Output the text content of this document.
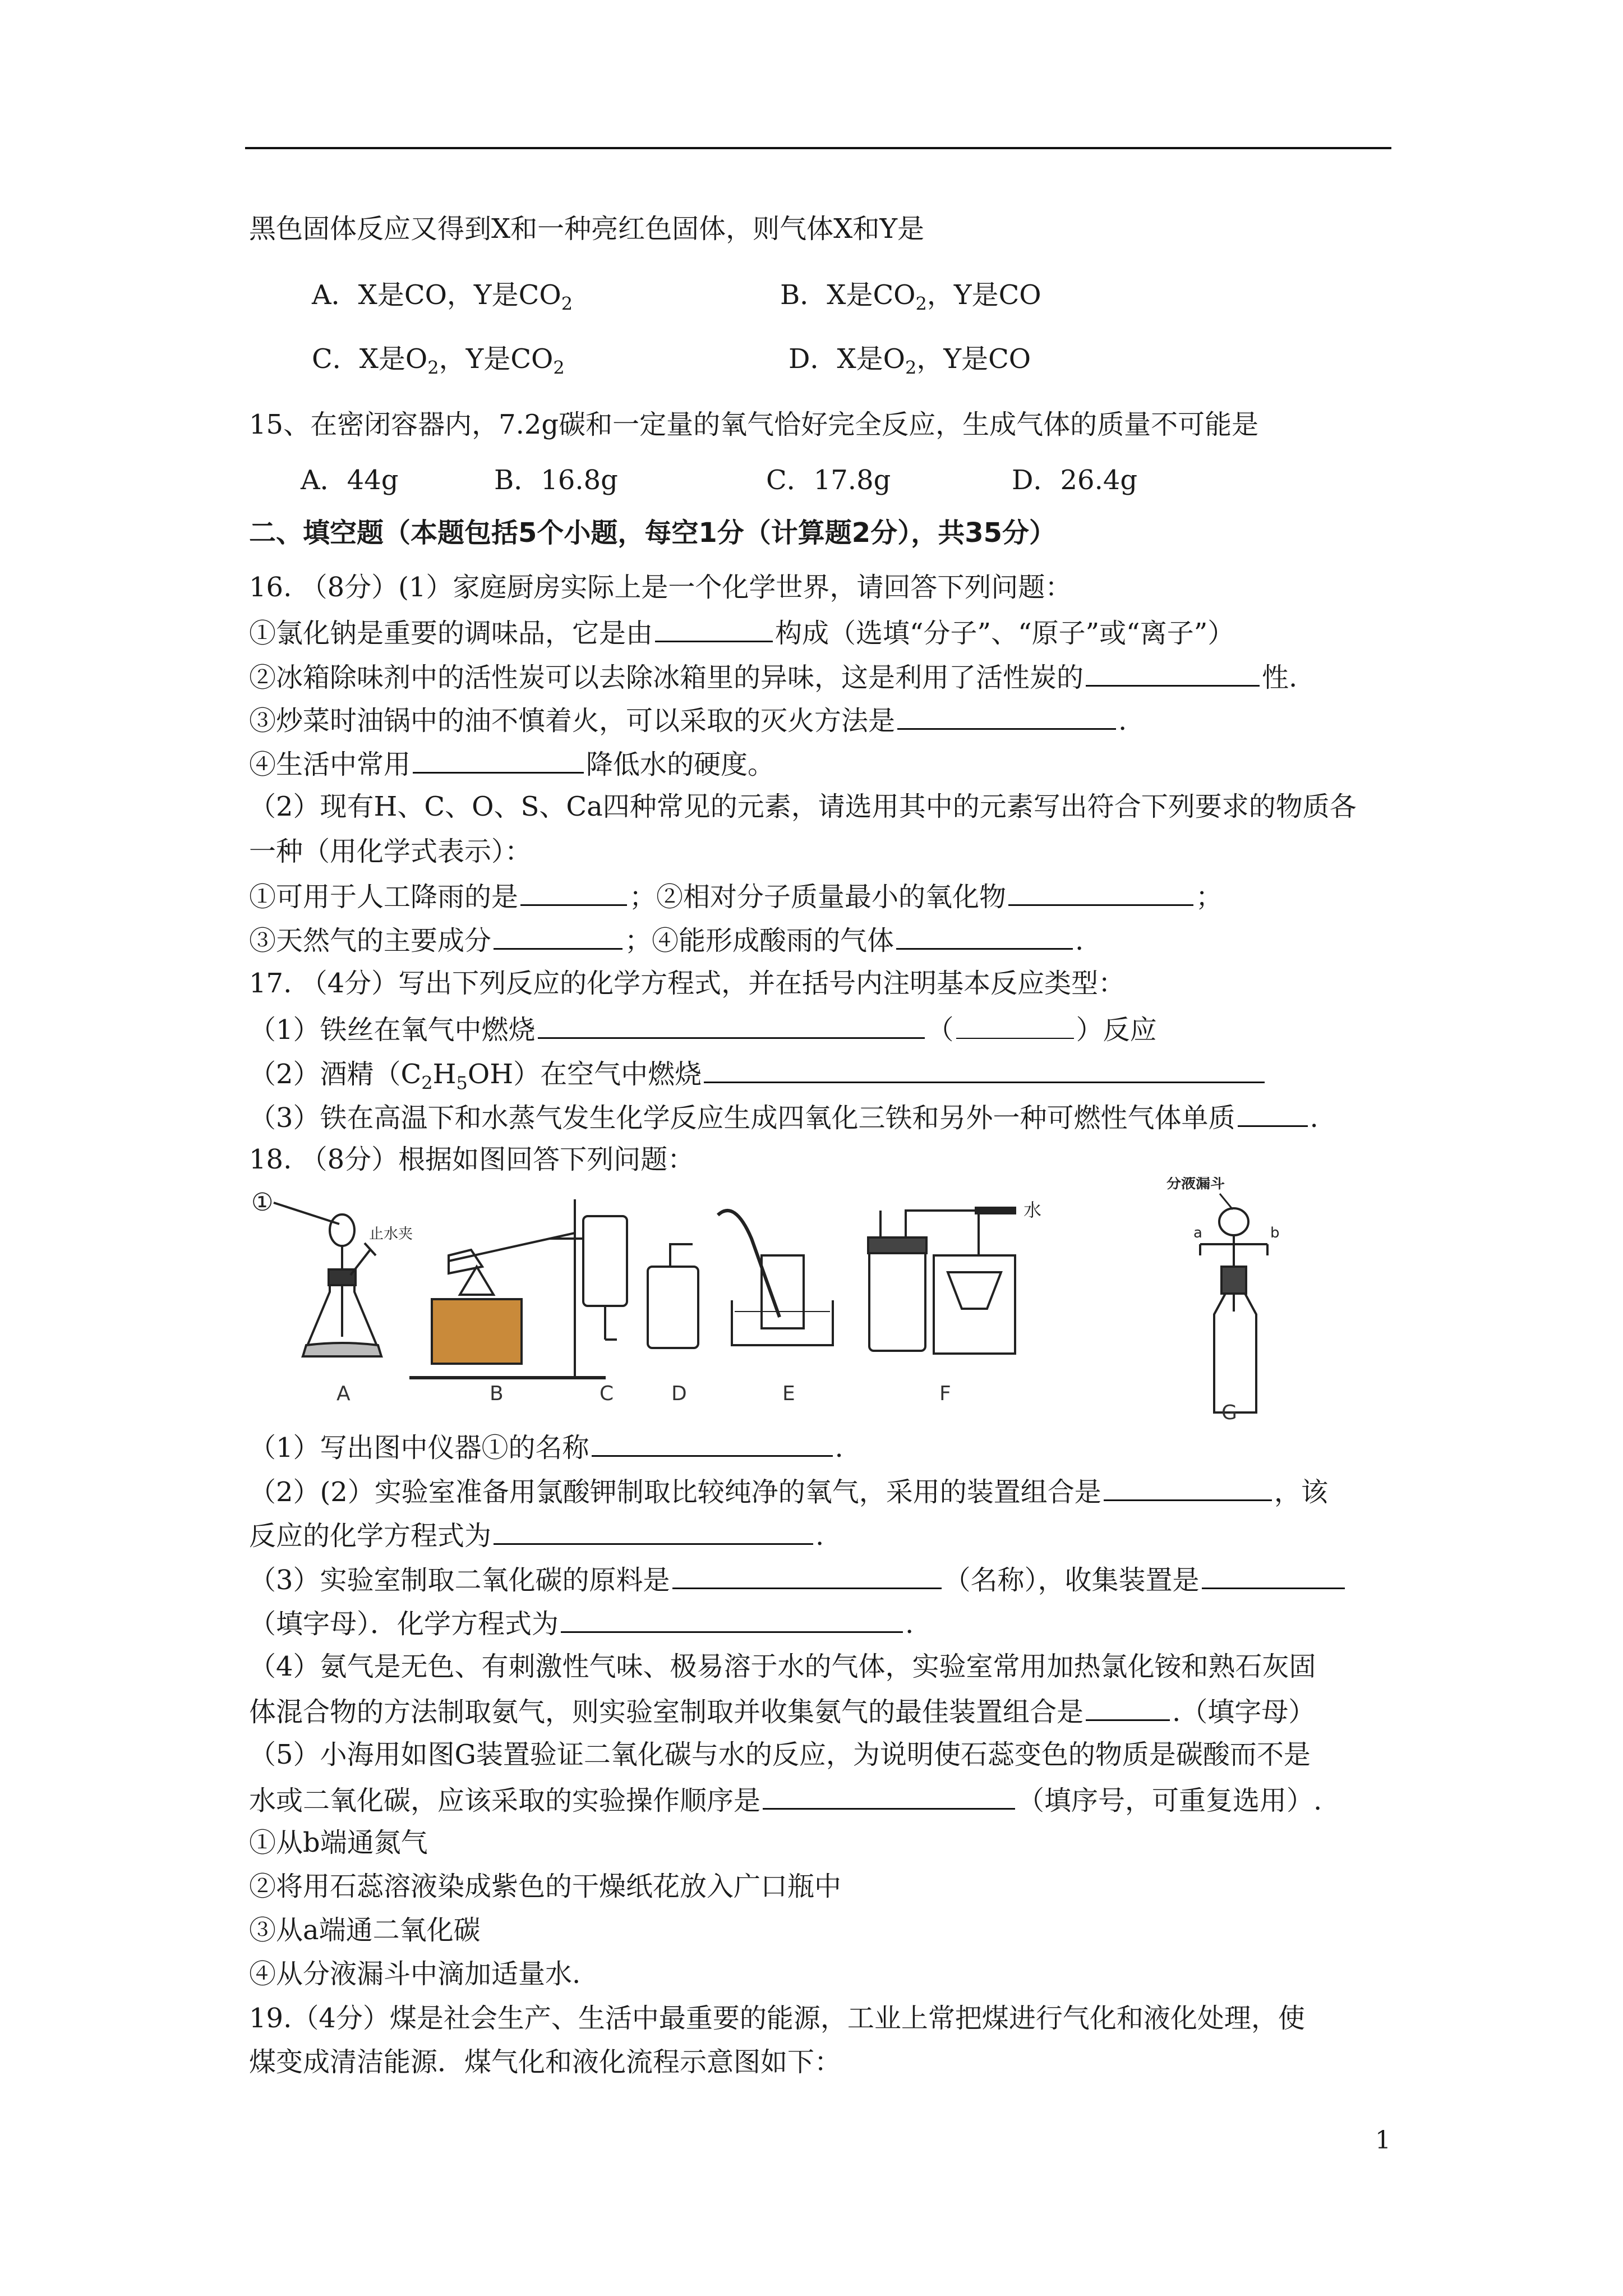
黑色固体反应又得到X和一种亮红色固体，则气体X和Y是
A．X是CO，Y是$CO_2$	B．X是$CO_2$，Y是CO
C．X是$O_2$，Y是$CO_2$	D．X是$O_2$，Y是CO
15、在密闭容器内，7.2g碳和一定量的氧气恰好完全反应，生成气体的质量不可能是
A．44g	B．16.8g	C．17.8g	D．26.4g
二、填空题（本题包括5个小题，每空1分（计算题2分），共35分）
16. （8分）(1）家庭厨房实际上是一个化学世界，请回答下列问题：
①氯化钠是重要的调味品，它是由	构成（选填“分子”、“原子”或“离子”）
②冰箱除味剂中的活性炭可以去除冰箱里的异味，这是利用了活性炭的	性.
③炒菜时油锅中的油不慎着火，可以采取的灭火方法是	.
④生活中常用	降低水的硬度。
（2）现有H、C、O、S、Ca四种常见的元素，请选用其中的元素写出符合下列要求的物质各
一种（用化学式表示）：
①可用于人工降雨的是	；②相对分子质量最小的氧化物	；
③天然气的主要成分	；④能形成酸雨的气体	.
17. （4分）写出下列反应的化学方程式，并在括号内注明基本反应类型：
（1）铁丝在氧气中燃烧	（	）反应
（2）酒精$(C_2H_5OH)$在空气中燃烧
（3）铁在高温下和水蒸气发生化学反应生成四氧化三铁和另外一种可燃性气体单质	.
18. （8分）根据如图回答下列问题：
①
止水夹
水
分液漏斗
a	b
A	B	C	D	E	F
G
（1）写出图中仪器①的名称	.
（2）(2）实验室准备用氯酸钾制取比较纯净的氧气，采用的装置组合是	，该
反应的化学方程式为	.
（3）实验室制取二氧化碳的原料是	（名称），收集装置是
（填字母）．化学方程式为	.
（4）氨气是无色、有刺激性气味、极易溶于水的气体，实验室常用加热氯化铵和熟石灰固
体混合物的方法制取氨气，则实验室制取并收集氨气的最佳装置组合是	.（填字母）
（5）小海用如图G装置验证二氧化碳与水的反应，为说明使石蕊变色的物质是碳酸而不是
水或二氧化碳，应该采取的实验操作顺序是	（填序号，可重复选用）.
①从b端通氮气
②将用石蕊溶液染成紫色的干燥纸花放入广口瓶中
③从a端通二氧化碳
④从分液漏斗中滴加适量水.
19.（4分）煤是社会生产、生活中最重要的能源，工业上常把煤进行气化和液化处理，使
煤变成清洁能源．煤气化和液化流程示意图如下：
1
